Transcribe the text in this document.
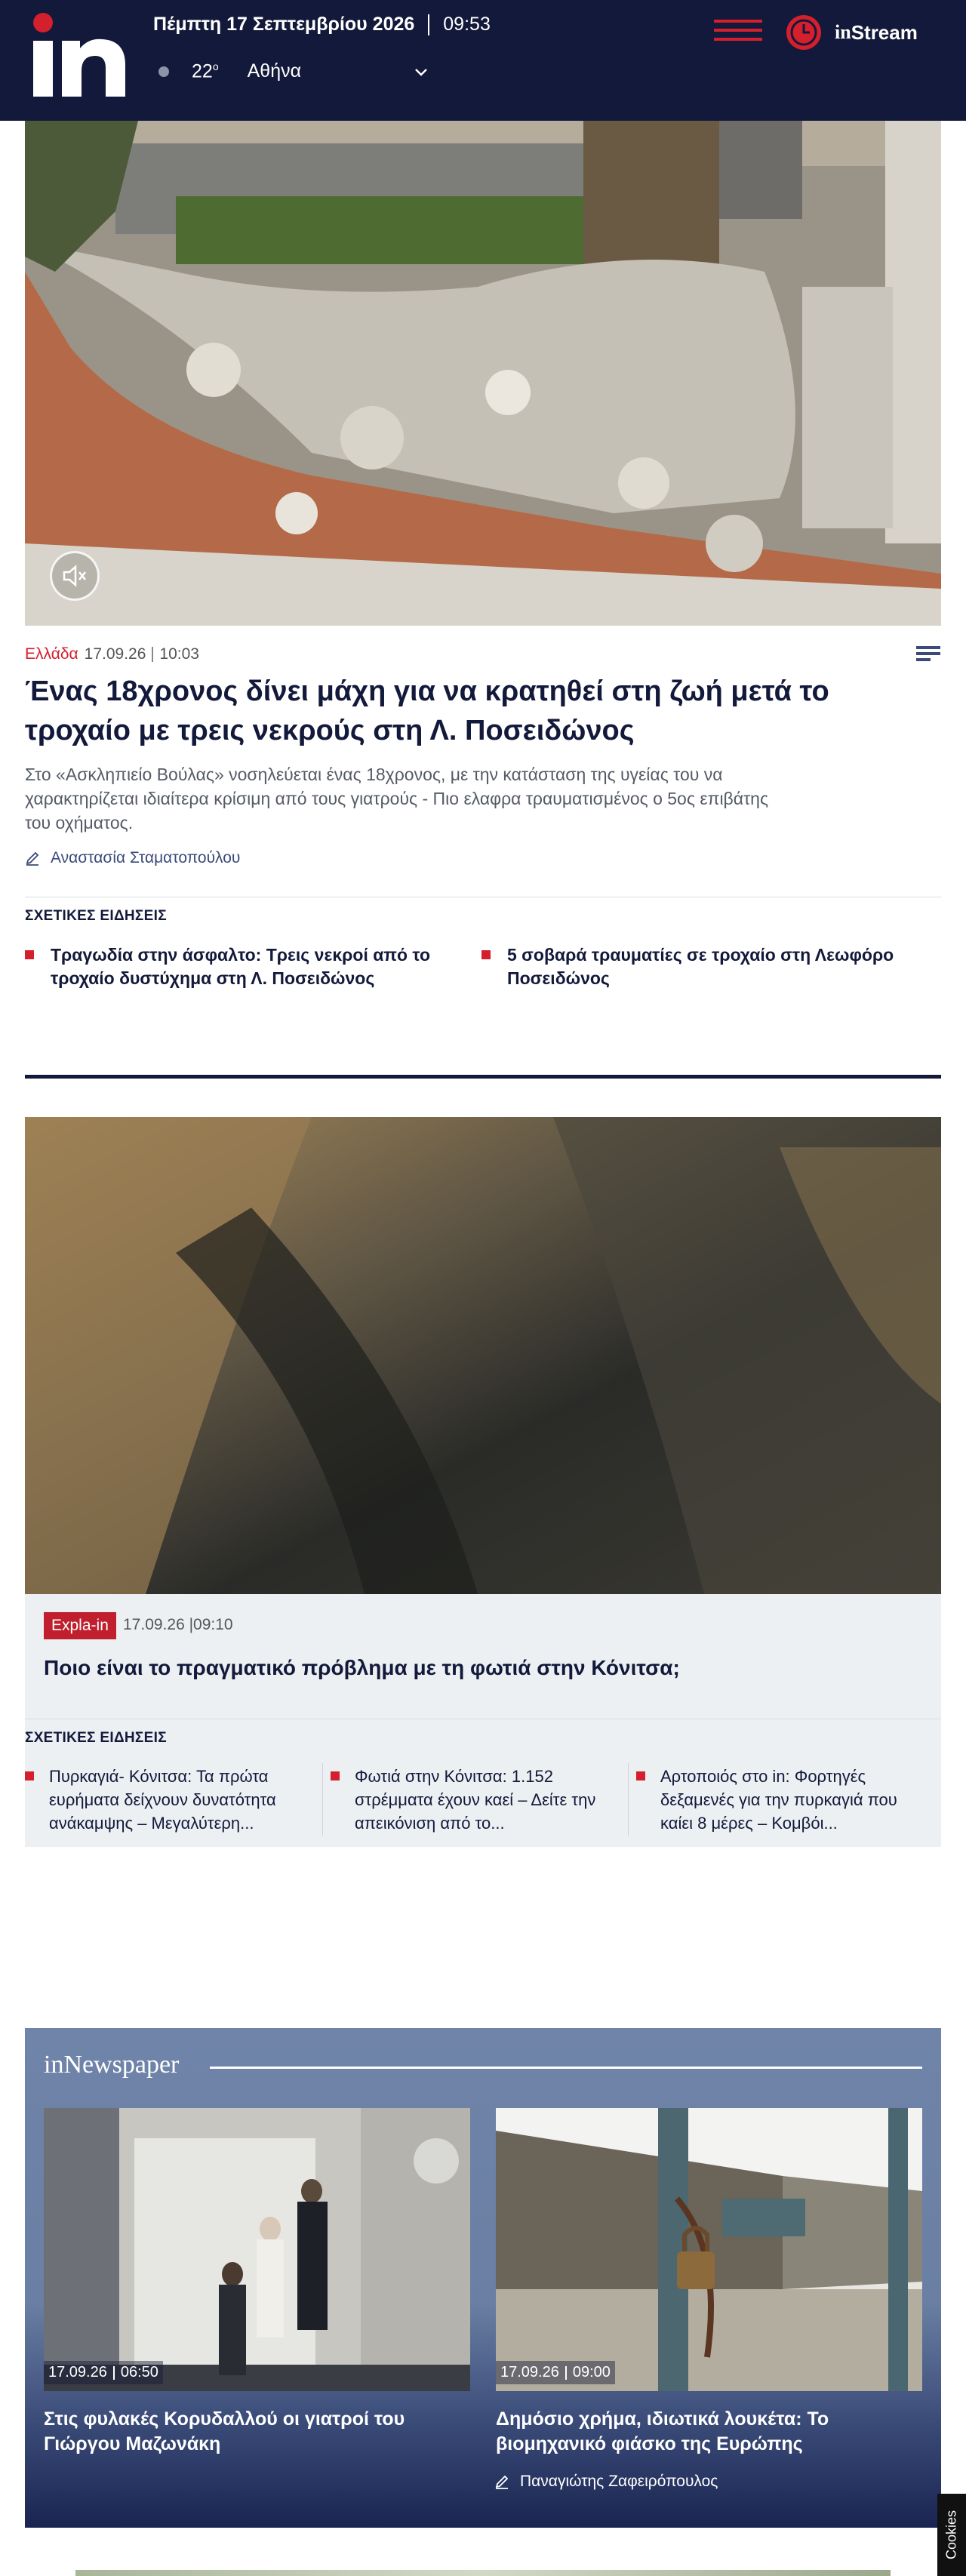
Πέμπτη 17 Σεπτεμβρίου 2026 09:53
22$^o$ Αθήνα
in Stream
Ελλάδα 17.09.26 10:03
Ένας 18χρονος δίνει μάχη για να κρατηθεί στη ζωή μετά το τροχαίο με τρεις νεκρούς στη Λ. Ποσειδώνος

Στο «Ασκληπιείο Βούλας» νοσηλεύεται ένας 18χρονος, με την κατάσταση της υγείας του να χαρακτηρίζεται ιδιαίτερα κρίσιμη από τους γιατρούς - Πιο ελαφρα τραυματισμένος ο 5ος επιβάτης του οχήματος.

Αναστασία Σταματοπούλου
ΣΧΕΤΙΚΕΣ ΕΙΔΗΣΕΙΣ
Τραγωδία στην άσφαλτο: Τρεις νεκροί από το τροχαίο δυστύχημα στη Λ. Ποσειδώνος
5 σοβαρά τραυματίες σε τροχαίο στη Λεωφόρο Ποσειδώνος
Expla-in 17.09.26 |09:10
Ποιο είναι το πραγματικό πρόβλημα με τη φωτιά στην Κόνιτσα;
ΣΧΕΤΙΚΕΣ ΕΙΔΗΣΕΙΣ
Πυρκαγιά- Κόνιτσα: Τα πρώτα ευρήματα δείχνουν δυνατότητα ανάκαμψης – Μεγαλύτερη...
Φωτιά στην Κόνιτσα: 1.152 στρέμματα έχουν καεί – Δείτε την απεικόνιση από το...
Αρτοποιός στο in: Φορτηγές δεξαμενές για την πυρκαγιά που καίει 8 μέρες – Κομβόι...
inNewspaper
17.09.26 06:50
Στις φυλακές Κορυδαλλού οι γιατροί του Γιώργου Μαζωνάκη
17.09.26 09:00
Δημόσιο χρήμα, ιδιωτικά λουκέτα: Το βιομηχανικό φιάσκο της Ευρώπης
Παναγιώτης Ζαφειρόπουλος
Cookies
